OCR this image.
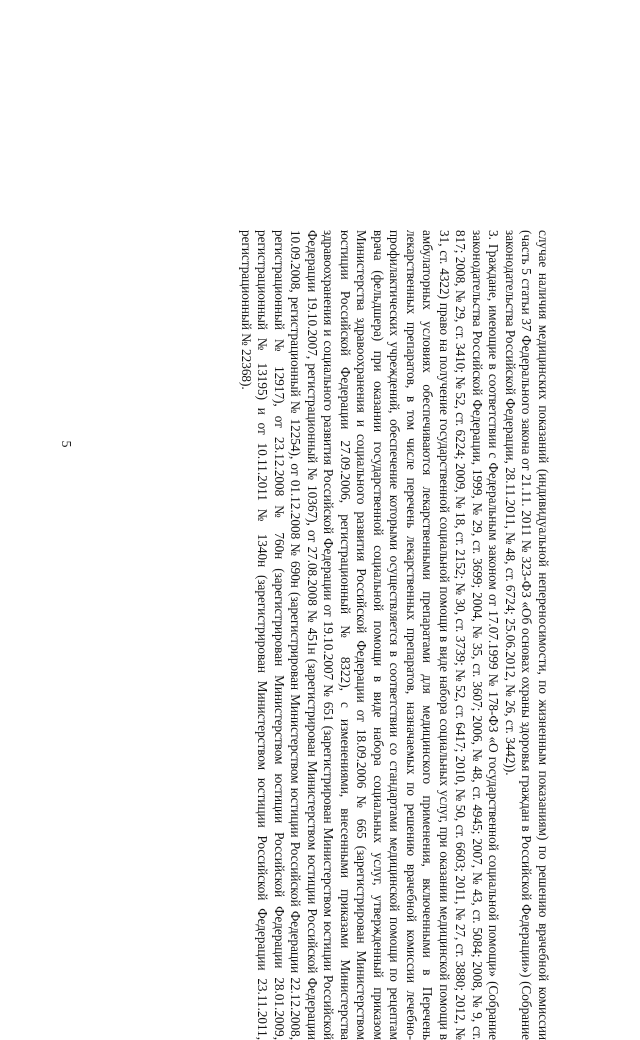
5	случае наличия медицинских показаний (индивидуальной непереносимости, по жизненным показаниям) по решению врачебной комиссии (часть 5 статьи 37 Федерального закона от 21.11. 2011 № 323-ФЗ «Об основах охраны здоровья граждан в Российской Федерации») (Собрание законодательства Российской Федерации, 28.11.2011, № 48, ст. 6724; 25.06.2012, № 26, ст. 3442)).

3. Граждане, имеющие в соответствии с Федеральным законом от 17.07.1999 № 178-ФЗ «О государственной социальной помощи» (Собрание законодательства Российской Федерации, 1999, № 29, ст. 3699; 2004, № 35, ст. 3607; 2006, № 48, ст. 4945; 2007, № 43, ст. 5084; 2008, № 9, ст. 817; 2008, № 29, ст. 3410; № 52, ст. 6224; 2009, № 18, ст. 2152; № 30, ст. 3739; № 52, ст. 6417; 2010, № 50, ст. 6603; 2011, № 27, ст. 3880; 2012, № 31, ст. 4322) право на получение государственной социальной помощи в виде набора социальных услуг, при оказании медицинской помощи в амбулаторных условиях обеспечиваются лекарственными препаратами для медицинского применения, включенными в Перечень лекарственных препаратов, в том числе перечень лекарственных препаратов, назначаемых по решению врачебной комиссии лечебно-профилактических учреждений, обеспечение которыми осуществляется в соответствии со стандартами медицинской помощи по рецептам врача (фельдшера) при оказании государственной социальной помощи в виде набора социальных услуг, утвержденный приказом Министерства здравоохранения и социального развития Российской Федерации от 18.09.2006 № 665 (зарегистрирован Министерством юстиции Российской Федерации 27.09.2006, регистрационный № 8322), с изменениями, внесенными приказами Министерства здравоохранения и социального развития Российской Федерации от 19.10.2007 № 651 (зарегистрирован Министерством юстиции Российской Федерации 19.10.2007, регистрационный № 10367), от 27.08.2008 № 451н (зарегистрирован Министерством юстиции Российской Федерации 10.09.2008, регистрационный № 12254), от 01.12.2008 № 690н (зарегистрирован Министерством юстиции Российской Федерации 22.12.2008, регистрационный № 12917), от 23.12.2008 № 760н (зарегистрирован Министерством юстиции Российской Федерации 28.01.2009, регистрационный № 13195) и от 10.11.2011 № 1340н (зарегистрирован Министерством юстиции Российской Федерации 23.11.2011, регистрационный № 22368).
